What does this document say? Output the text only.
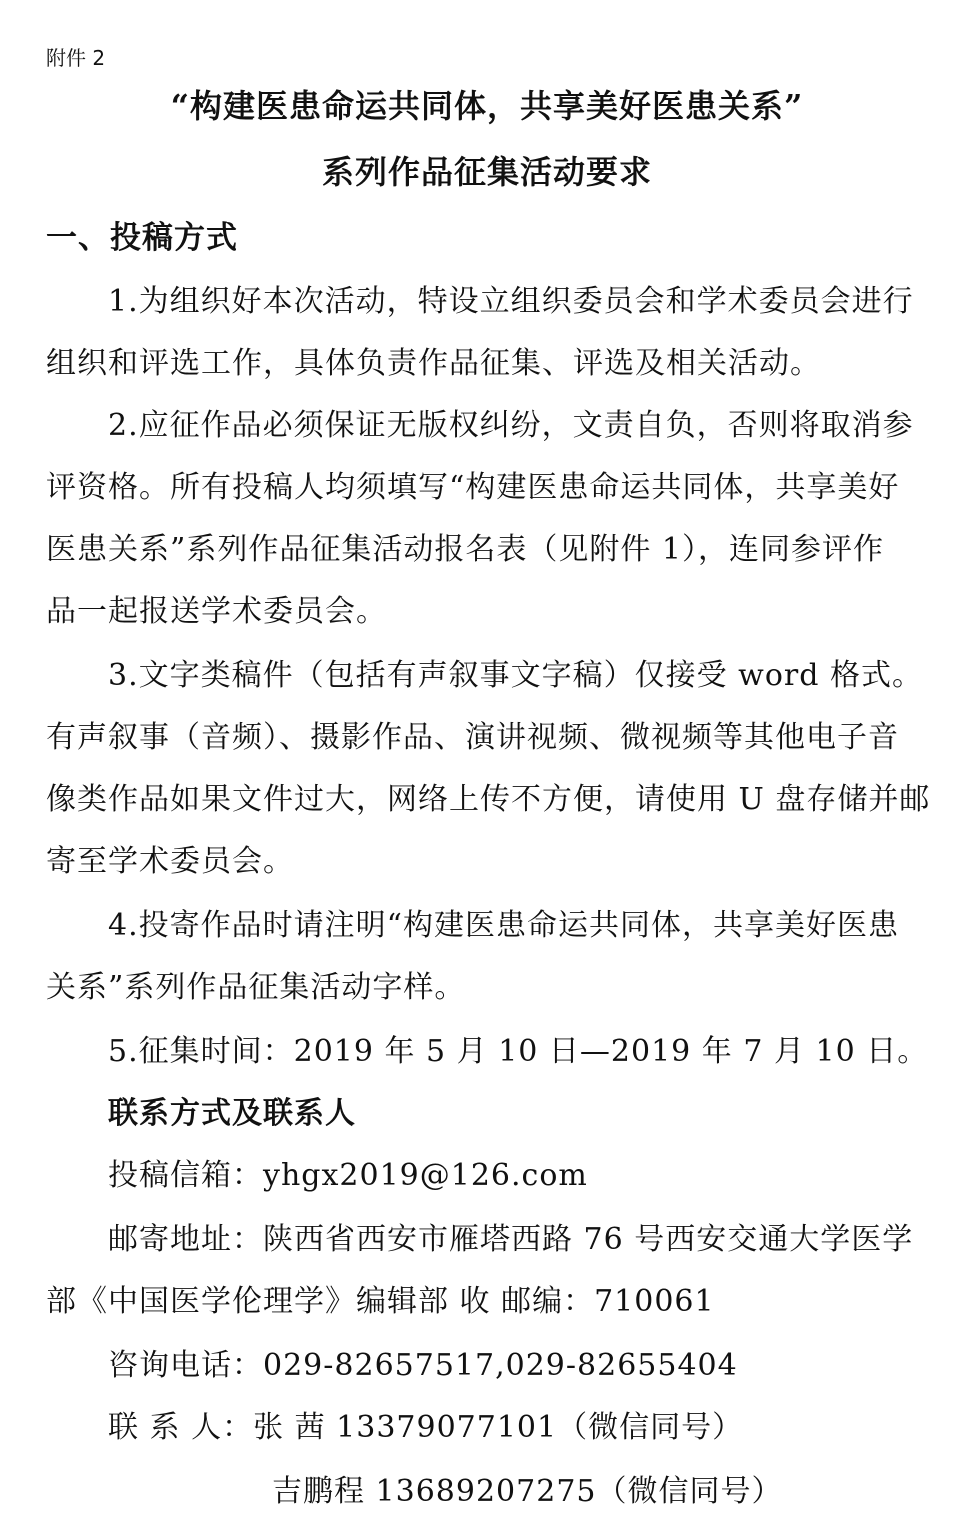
附件 2
“构建医患命运共同体，共享美好医患关系”
系列作品征集活动要求
一、投稿方式
1.为组织好本次活动，特设立组织委员会和学术委员会进行
组织和评选工作，具体负责作品征集、评选及相关活动。
2.应征作品必须保证无版权纠纷，文责自负，否则将取消参
评资格。所有投稿人均须填写“构建医患命运共同体，共享美好
医患关系”系列作品征集活动报名表（见附件 1），连同参评作
品一起报送学术委员会。
3.文字类稿件（包括有声叙事文字稿）仅接受 word 格式。
有声叙事（音频）、摄影作品、演讲视频、微视频等其他电子音
像类作品如果文件过大，网络上传不方便，请使用 U 盘存储并邮
寄至学术委员会。
4.投寄作品时请注明“构建医患命运共同体，共享美好医患
关系”系列作品征集活动字样。
5.征集时间：2019 年 5 月 10 日—2019 年 7 月 10 日。
联系方式及联系人
投稿信箱：yhgx2019@126.com
邮寄地址：陕西省西安市雁塔西路 76 号西安交通大学医学
部《中国医学伦理学》编辑部 收 邮编：710061
咨询电话：029-82657517,029-82655404
联 系 人：张 茜 13379077101（微信同号）
吉鹏程 13689207275（微信同号）
